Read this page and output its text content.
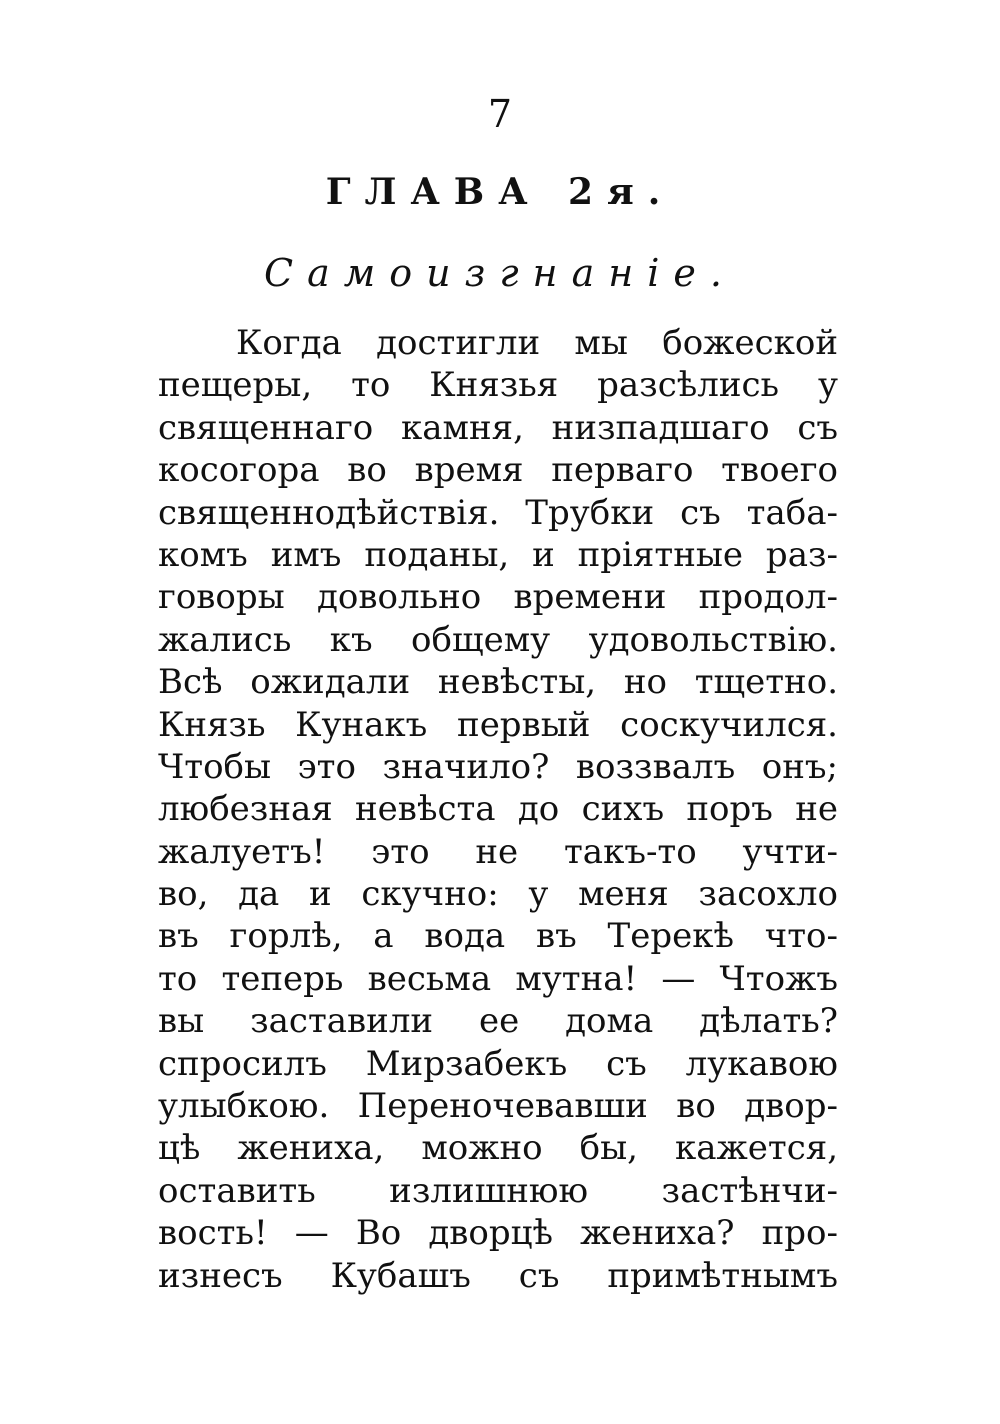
7
ГЛАВА 2я.
Самоизгнанie.
Когда достигли мы божеской
пещеры, то Князья разсѣлись у
священнаго камня, низпадшаго съ
косогора во время перваго твоего
священнодѣйствія. Трубки съ таба-
комъ имъ поданы, и пріятные раз-
говоры довольно времени продол-
жались къ общему удовольствію.
Всѣ ожидали невѣсты, но тщетно.
Князь Кунакъ первый соскучился.
Чтобы это значило? воззвалъ онъ;
любезная невѣста до сихъ поръ не
жалуетъ! это не такъ-то учти-
во, да и скучно: у меня засохло
въ горлѣ, а вода въ Терекѣ что-
то теперь весьма мутна! — Чтожъ
вы заставили ее дома дѣлать?
спросилъ Мирзабекъ съ лукавою
улыбкою. Переночевавши во двор-
цѣ жениха, можно бы, кажется,
оставить излишнюю застѣнчи-
вость! — Во дворцѣ жениха? про-
изнесъ Кубашъ съ примѣтнымъ
